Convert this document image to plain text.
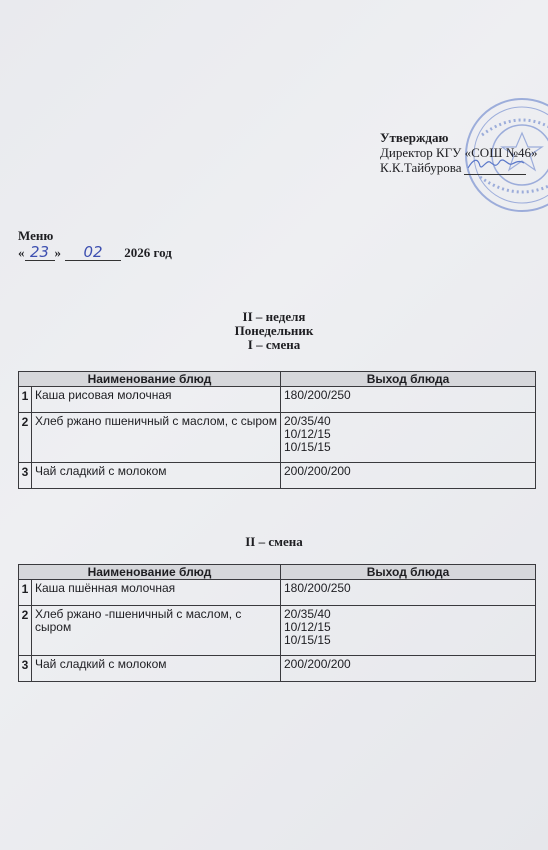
Утверждаю
Директор КГУ «СОШ №46»
К.К.Тайбурова
Меню
« 23 » 02 2026 год
II – неделя
Понедельник
I – смена
Наименование блюд		Выход блюда
1	Каша рисовая молочная	180/200/250

2	Хлеб ржано пшеничный с маслом, с сыром	20/35/40
10/12/15
10/15/15

3	Чай сладкий с молоком	200/200/200
II – смена
Наименование блюд		Выход блюда
1	Каша пшённая молочная	180/200/250

2	Хлеб ржано -пшеничный с маслом, с сыром	20/35/40
10/12/15
10/15/15

3	Чай сладкий с молоком	200/200/200
